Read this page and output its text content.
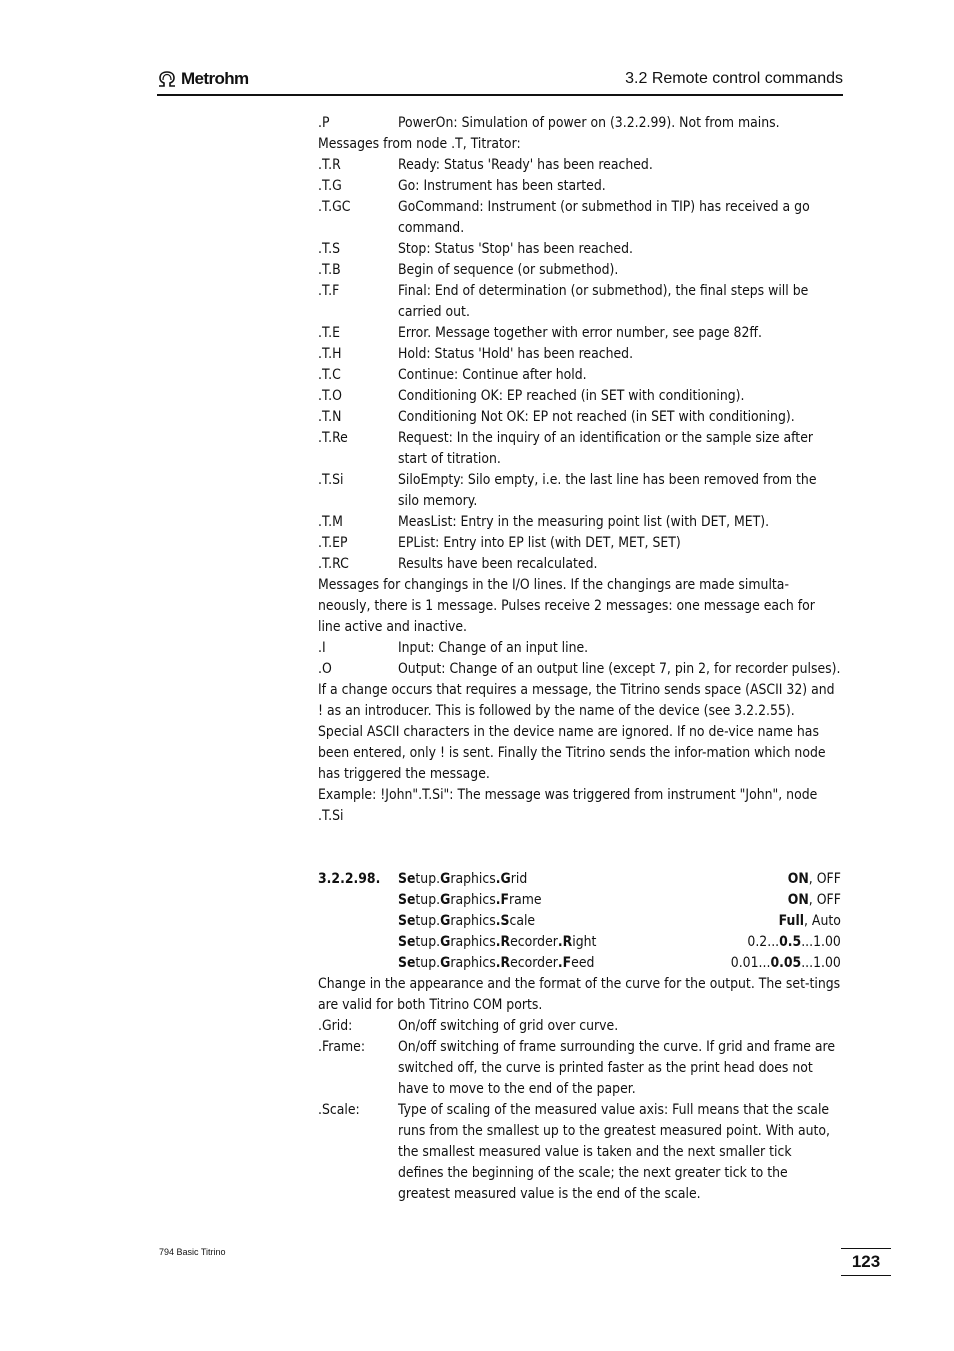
Metrohm	3.2 Remote control commands
.P	PowerOn: Simulation of power on (3.2.2.99). Not from mains.
Messages from node .T, Titrator:
.T.R	Ready: Status 'Ready' has been reached.
.T.G	Go: Instrument has been started.
.T.GC	GoCommand: Instrument (or submethod in TIP) has received a go command.
.T.S	Stop: Status 'Stop' has been reached.
.T.B	Begin of sequence (or submethod).
.T.F	Final: End of determination (or submethod), the final steps will be carried out.
.T.E	Error. Message together with error number, see page 82ff.
.T.H	Hold: Status 'Hold' has been reached.
.T.C	Continue: Continue after hold.
.T.O	Conditioning OK: EP reached (in SET with conditioning).
.T.N	Conditioning Not OK: EP not reached (in SET with conditioning).
.T.Re	Request: In the inquiry of an identification or the sample size after start of titration.
.T.Si	SiloEmpty: Silo empty, i.e. the last line has been removed from the silo memory.
.T.M	MeasList: Entry in the measuring point list (with DET, MET).
.T.EP	EPList: Entry into EP list (with DET, MET, SET)
.T.RC	Results have been recalculated.
Messages for changings in the I/O lines. If the changings are made simulta-neously, there is 1 message. Pulses receive 2 messages: one message each for line active and inactive.
.I	Input: Change of an input line.
.O	Output: Change of an output line (except 7, pin 2, for recorder pulses).
If a change occurs that requires a message, the Titrino sends space (ASCII 32) and ! as an introducer. This is followed by the name of the device (see 3.2.2.55). Special ASCII characters in the device name are ignored. If no de-vice name has been entered, only ! is sent. Finally the Titrino sends the infor-mation which node has triggered the message.
Example: !John".T.Si": The message was triggered from instrument "John", node .T.Si
3.2.2.98.	Setup.Graphics.Grid	ON, OFF
Setup.Graphics.Frame	ON, OFF
Setup.Graphics.Scale	Full, Auto
Setup.Graphics.Recorder.Right	0.2...0.5...1.00
Setup.Graphics.Recorder.Feed	0.01...0.05...1.00
Change in the appearance and the format of the curve for the output. The set-tings are valid for both Titrino COM ports.
.Grid:	On/off switching of grid over curve.
.Frame:	On/off switching of frame surrounding the curve. If grid and frame are switched off, the curve is printed faster as the print head does not have to move to the end of the paper.
.Scale:	Type of scaling of the measured value axis: Full means that the scale runs from the smallest up to the greatest measured point. With auto, the smallest measured value is taken and the next smaller tick defines the beginning of the scale; the next greater tick to the greatest measured value is the end of the scale.
794 Basic Titrino	123
